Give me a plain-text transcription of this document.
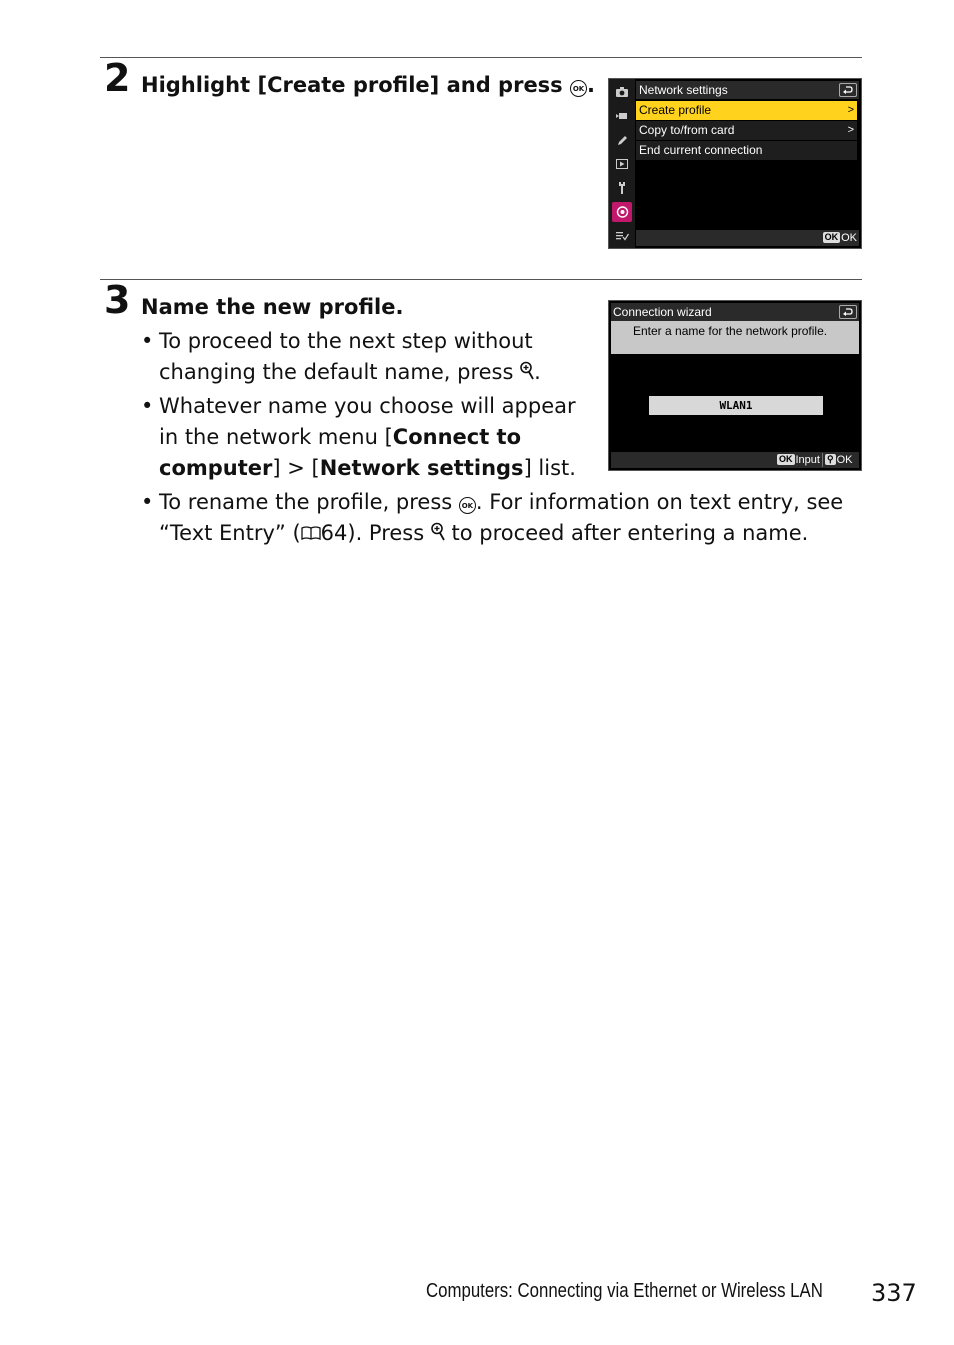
2 Highlight [Create profile] and press OK .	Network settings
Create profile	>
Copy to/from card	>
End current connection
OK OK
3 Name the new profile.
• To proceed to the next step without
changing the default name, press .
• Whatever name you choose will appear
in the network menu [Connect to
computer] > [Network settings] list.
• To rename the profile, press OK . For information on text entry, see
“Text Entry” ( 64). Press  to proceed after entering a name.
Connection wizard
Enter a name for the network profile.
WLAN1
OK Input ⚲ OK
Computers: Connecting via Ethernet or Wireless LAN 337
